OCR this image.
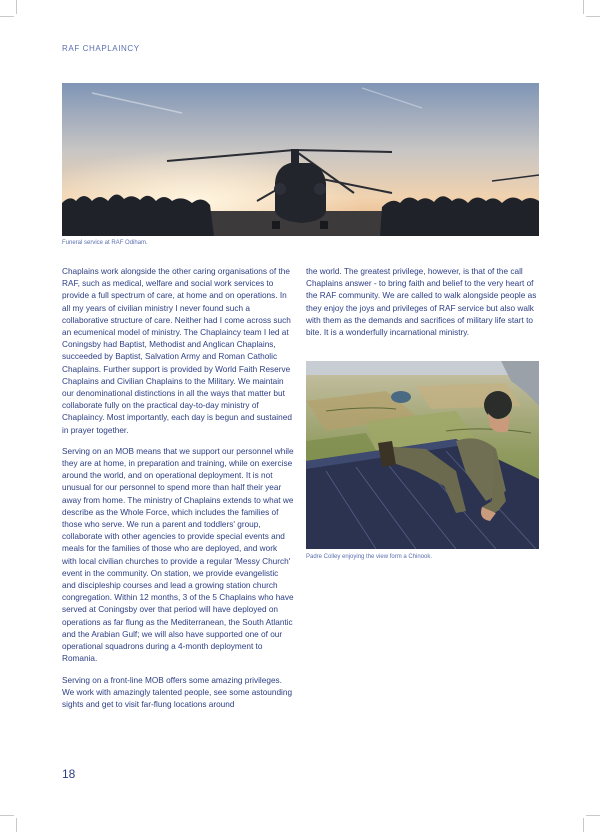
RAF CHAPLAINCY
Funeral service at RAF Odiham.

Chaplains work alongside the other caring organisations of the RAF, such as medical, welfare and social work services to provide a full spectrum of care, at home and on operations. In all my years of civilian ministry I never found such a collaborative structure of care. Neither had I come across such an ecumenical model of ministry. The Chaplaincy team I led at Coningsby had Baptist, Methodist and Anglican Chaplains, succeeded by Baptist, Salvation Army and Roman Catholic Chaplains. Further support is provided by World Faith Reserve Chaplains and Civilian Chaplains to the Military. We maintain our denominational distinctions in all the ways that matter but collaborate fully on the practical day-to-day ministry of Chaplaincy. Most importantly, each day is begun and sustained in prayer together.

Serving on an MOB means that we support our personnel while they are at home, in preparation and training, while on exercise around the world, and on operational deployment. It is not unusual for our personnel to spend more than half their year away from home. The ministry of Chaplains extends to what we describe as the Whole Force, which includes the families of those who serve. We run a parent and toddlers' group, collaborate with other agencies to provide special events and meals for the families of those who are deployed, and work with local civilian churches to provide a regular 'Messy Church' event in the community. On station, we provide evangelistic and discipleship courses and lead a growing station church congregation. Within 12 months, 3 of the 5 Chaplains who have served at Coningsby over that period will have deployed on operations as far flung as the Mediterranean, the South Atlantic and the Arabian Gulf; we will also have supported one of our operational squadrons during a 4-month deployment to Romania.

Serving on a front-line MOB offers some amazing privileges. We work with amazingly talented people, see some astounding sights and get to visit far-flung locations around

the world. The greatest privilege, however, is that of the call Chaplains answer - to bring faith and belief to the very heart of the RAF community. We are called to walk alongside people as they enjoy the joys and privileges of RAF service but also walk with them as the demands and sacrifices of military life start to bite. It is a wonderfully incarnational ministry.

Padre Colley enjoying the view form a Chinook.
18
